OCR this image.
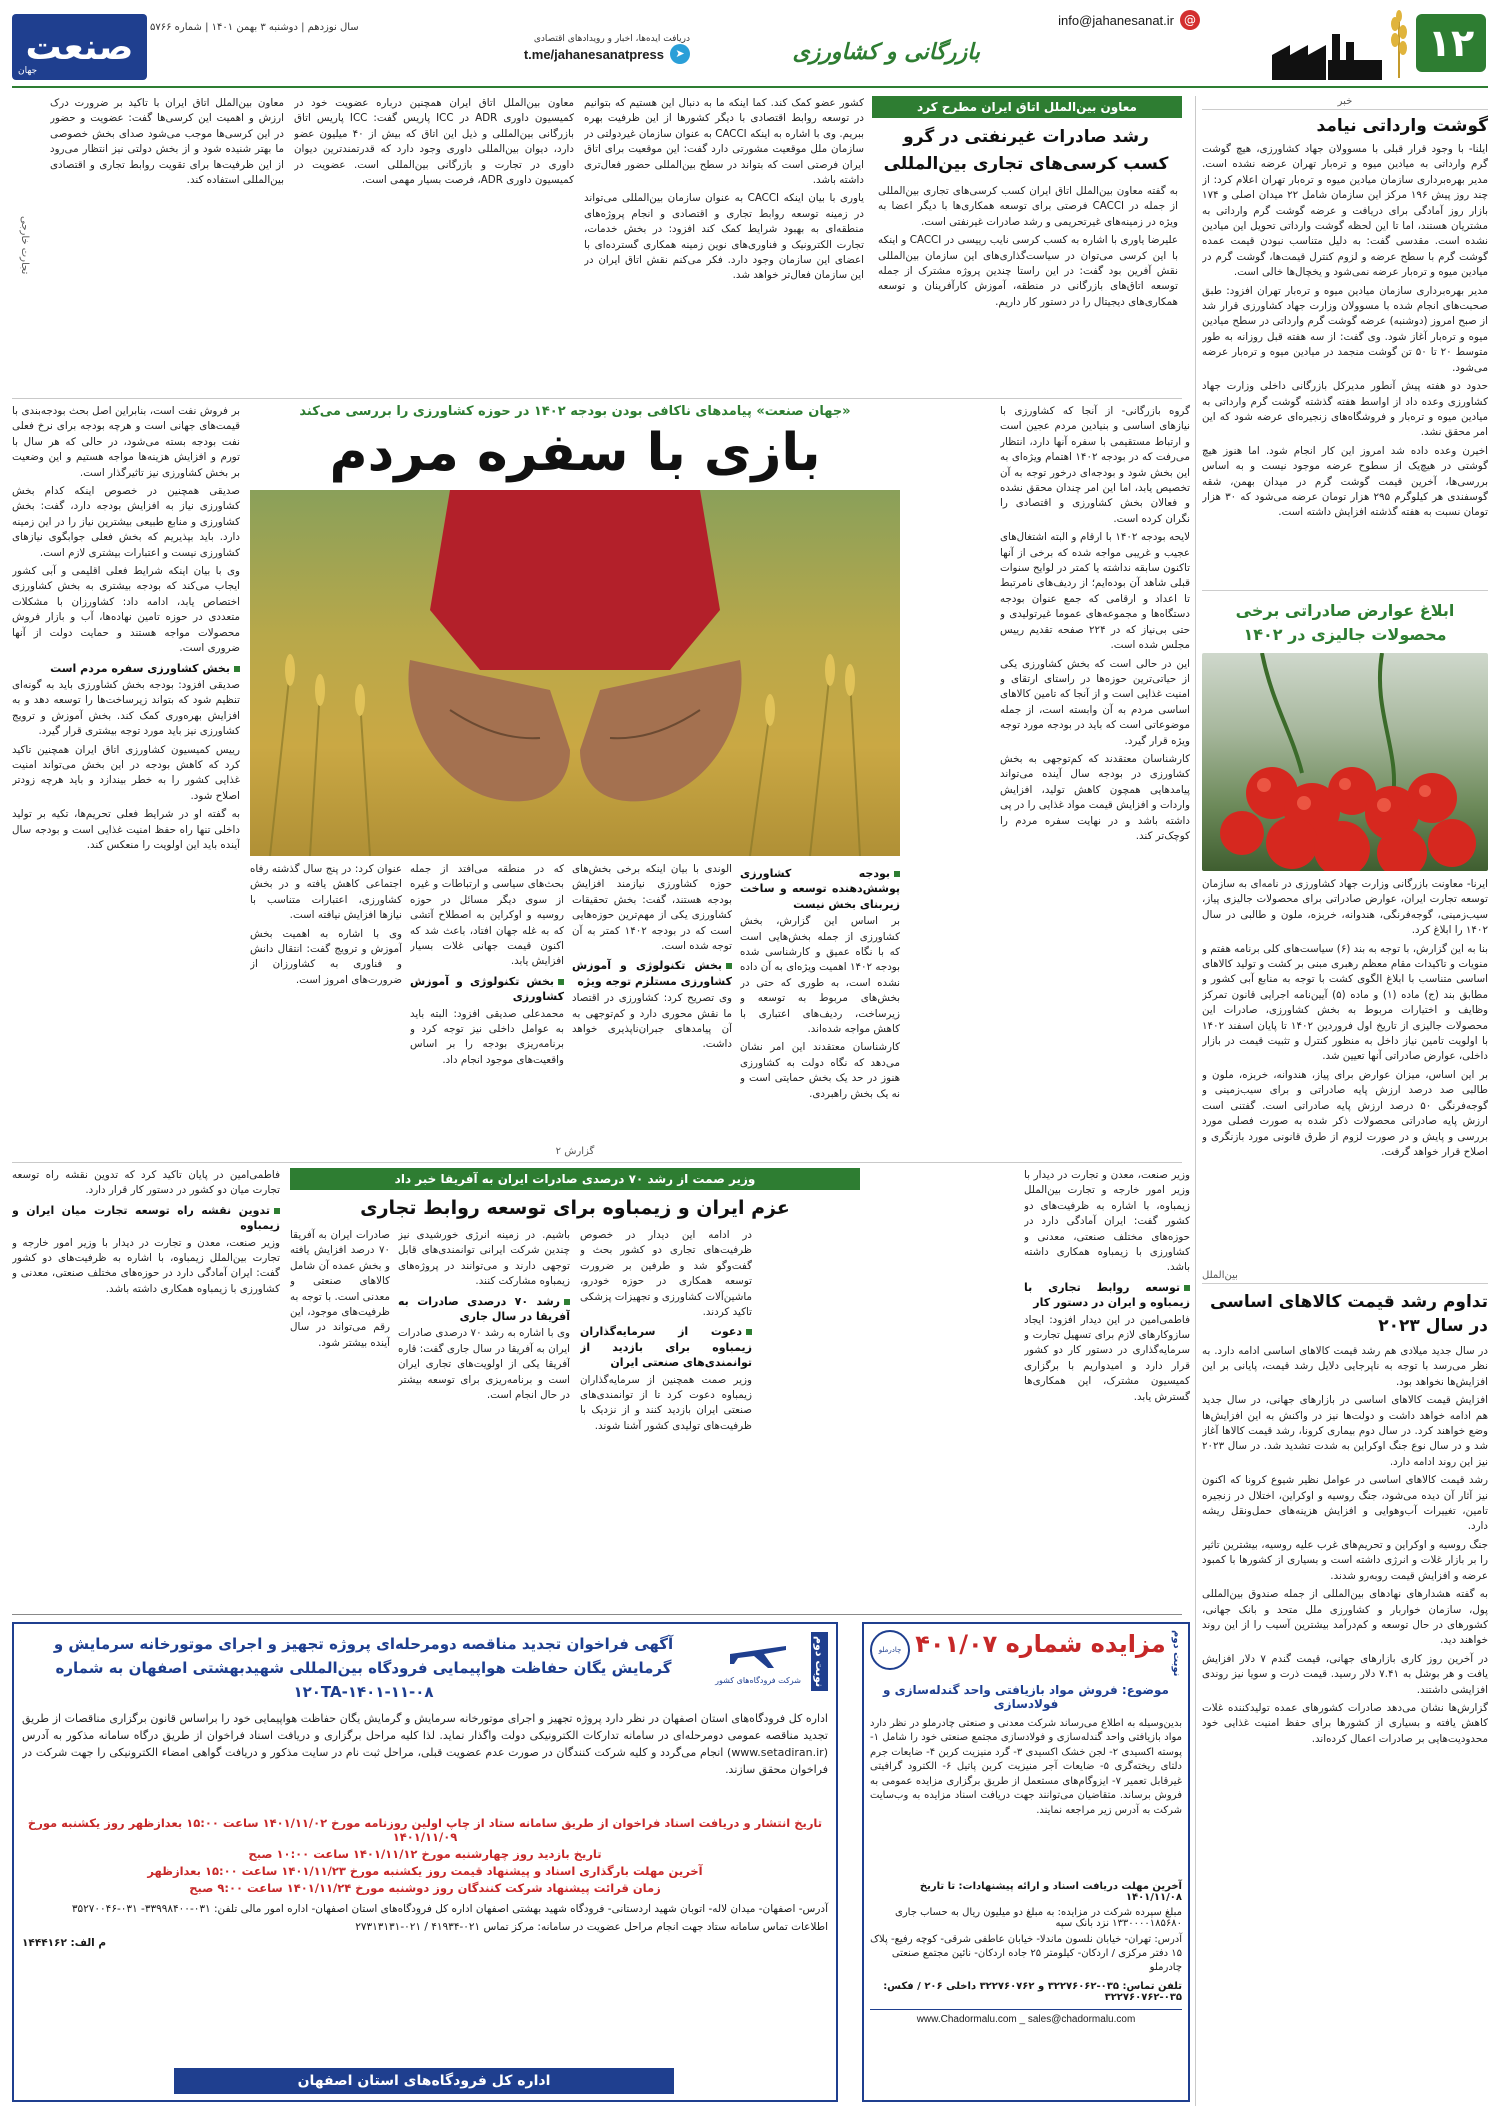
۱۲
بازرگانی و کشاورزی
@
info@jahanesanat.ir
دریافت ایده‌ها، اخبار و رویدادهای اقتصادی
➤
t.me/jahanesanatpress
سال نوزدهم | دوشنبه ۳ بهمن ۱۴۰۱ | شماره ۵۷۶۶
صنعت
جهان
خبر
گوشت وارداتی نیامد

ایلنا- با وجود قرار قبلی با مسوولان جهاد کشاورزی، هیچ گوشت گرم وارداتی به میادین میوه و تره‌بار تهران عرضه نشده است. مدیر بهره‌برداری سازمان میادین میوه و تره‌بار تهران اعلام کرد: از چند روز پیش ۱۹۶ مرکز این سازمان شامل ۲۲ میدان اصلی و ۱۷۴ بازار روز آمادگی برای دریافت و عرضه گوشت گرم وارداتی به مشتریان هستند، اما تا این لحظه گوشت وارداتی تحویل این میادین نشده است. مقدسی گفت: به دلیل متناسب نبودن قیمت عمده گوشت گرم با سطح عرضه و لزوم کنترل قیمت‌ها، گوشت گرم در میادین میوه و تره‌بار عرضه نمی‌شود و یخچال‌ها خالی است.

مدیر بهره‌برداری سازمان میادین میوه و تره‌بار تهران افزود: طبق صحبت‌های انجام شده با مسوولان وزارت جهاد کشاورزی قرار شد از صبح امروز (دوشنبه) عرضه گوشت گرم وارداتی در سطح میادین میوه و تره‌بار آغاز شود. وی گفت: از سه هفته قبل روزانه به طور متوسط ۲۰ تا ۵۰ تن گوشت منجمد در میادین میوه و تره‌بار عرضه می‌شود.

حدود دو هفته پیش آنطور مدیرکل بازرگانی داخلی وزارت جهاد کشاورزی وعده داد از اواسط هفته گذشته گوشت گرم وارداتی به میادین میوه و تره‌بار و فروشگاه‌های زنجیره‌ای عرضه شود که این امر محقق نشد.

اخیرن وعده داده شد امروز این کار انجام شود. اما هنوز هیچ گوشتی در هیچ‌یک از سطوح عرضه موجود نیست و به اساس بررسی‌ها، آخرین قیمت گوشت گرم در میدان بهمن، شقه گوسفندی هر کیلوگرم ۲۹۵ هزار تومان عرضه می‌شود که ۳۰ هزار تومان نسبت به هفته گذشته افزایش داشته است.

ابلاغ عوارض صادراتی برخی محصولات جالیزی در ۱۴۰۲

ایرنا- معاونت بازرگانی وزارت جهاد کشاورزی در نامه‌ای به سازمان توسعه تجارت ایران، عوارض صادراتی برای محصولات جالیزی پیاز، سیب‌زمینی، گوجه‌فرنگی، هندوانه، خربزه، ملون و طالبی در سال ۱۴۰۲ را ابلاغ کرد.

بنا به این گزارش، با توجه به بند (۶) سیاست‌های کلی برنامه هفتم و منویات و تاکیدات مقام معظم رهبری مبنی بر کشت و تولید کالاهای اساسی متناسب با ابلاغ الگوی کشت با توجه به منابع آبی کشور و مطابق بند (ج) ماده (۱) و ماده (۵) آیین‌نامه اجرایی قانون تمرکز وظایف و اختیارات مربوط به بخش کشاورزی، صادرات این محصولات جالیزی از تاریخ اول فروردین ۱۴۰۲ تا پایان اسفند ۱۴۰۲ با اولویت تامین نیاز داخل به منظور کنترل و تثبیت قیمت در بازار داخلی، عوارض صادراتی آنها تعیین شد.

بر این اساس، میزان عوارض برای پیاز، هندوانه، خربزه، ملون و طالبی صد درصد ارزش پایه صادراتی و برای سیب‌زمینی و گوجه‌فرنگی ۵۰ درصد ارزش پایه صادراتی است. گفتنی است ارزش پایه صادراتی محصولات ذکر شده به صورت فصلی مورد بررسی و پایش و در صورت لزوم از طرق قانونی مورد بازنگری و اصلاح قرار خواهد گرفت.

بین‌الملل
تداوم رشد قیمت کالاهای اساسی در سال ۲۰۲۳

در سال جدید میلادی هم رشد قیمت کالاهای اساسی ادامه دارد. به نظر می‌رسد با توجه به ناپرجایی دلایل رشد قیمت، پایانی بر این افزایش‌ها نخواهد بود.

افزایش قیمت کالاهای اساسی در بازارهای جهانی، در سال جدید هم ادامه خواهد داشت و دولت‌ها نیز در واکنش به این افزایش‌ها وضع خواهند کرد. در سال دوم بیماری کرونا، رشد قیمت کالاها آغاز شد و در سال نوع جنگ اوکراین به شدت تشدید شد. در سال ۲۰۲۳ نیز این روند ادامه دارد.

رشد قیمت کالاهای اساسی در عوامل نظیر شیوع کرونا که اکنون نیز آثار آن دیده می‌شود، جنگ روسیه و اوکراین، اختلال در زنجیره تامین، تغییرات آب‌وهوایی و افزایش هزینه‌های حمل‌ونقل ریشه دارد.

جنگ روسیه و اوکراین و تحریم‌های غرب علیه روسیه، بیشترین تاثیر را بر بازار غلات و انرژی داشته است و بسیاری از کشورها با کمبود عرضه و افزایش قیمت روبه‌رو شدند.

به گفته هشدارهای نهادهای بین‌المللی از جمله صندوق بین‌المللی پول، سازمان خواربار و کشاورزی ملل متحد و بانک جهانی، کشورهای در حال توسعه و کم‌درآمد بیشترین آسیب را از این روند خواهند دید.

در آخرین روز کاری بازارهای جهانی، قیمت گندم ۷ دلار افزایش یافت و هر بوشل به ۷.۴۱ دلار رسید. قیمت ذرت و سویا نیز روندی افزایشی داشتند.

گزارش‌ها نشان می‌دهد صادرات کشورهای عمده تولیدکننده غلات کاهش یافته و بسیاری از کشورها برای حفظ امنیت غذایی خود محدودیت‌هایی بر صادرات اعمال کرده‌اند.

معاون بین‌الملل اتاق ایران مطرح کرد
رشد صادرات غیرنفتی در گرو کسب کرسی‌های تجاری بین‌المللی

به گفته معاون بین‌الملل اتاق ایران کسب کرسی‌های تجاری بین‌المللی از جمله در CACCI فرصتی برای توسعه همکاری‌ها با دیگر اعضا به ویژه در زمینه‌های غیرتحریمی و رشد صادرات غیرنفتی است.

علیرضا یاوری با اشاره به کسب کرسی نایب رییسی در CACCI و اینکه با این کرسی می‌توان در سیاست‌گذاری‌های این سازمان بین‌المللی نقش آفرین بود گفت: در این راستا چندین پروژه مشترک از جمله توسعه اتاق‌های بازرگانی در منطقه، آموزش کارآفرینان و توسعه همکاری‌های دیجیتال را در دستور کار داریم.

کشور عضو کمک کند. کما اینکه ما به دنبال این هستیم که بتوانیم در توسعه روابط اقتصادی با دیگر کشورها از این ظرفیت بهره ببریم. وی با اشاره به اینکه CACCI به عنوان سازمان غیردولتی در سازمان ملل موقعیت مشورتی دارد گفت: این موقعیت برای اتاق ایران فرصتی است که بتواند در سطح بین‌المللی حضور فعال‌تری داشته باشد.

یاوری با بیان اینکه CACCI به عنوان سازمان بین‌المللی می‌تواند در زمینه توسعه روابط تجاری و اقتصادی و انجام پروژه‌های منطقه‌ای به بهبود شرایط کمک کند افزود: در بخش خدمات، تجارت الکترونیک و فناوری‌های نوین زمینه همکاری گسترده‌ای با اعضای این سازمان وجود دارد. فکر می‌کنم نقش اتاق ایران در این سازمان فعال‌تر خواهد شد.

معاون بین‌الملل اتاق ایران همچنین درباره عضویت خود در کمیسیون داوری ADR در ICC پاریس گفت: ICC پاریس اتاق بازرگانی بین‌المللی و ذیل این اتاق که بیش از ۴۰ میلیون عضو دارد، دیوان بین‌المللی داوری وجود دارد که قدرتمندترین دیوان داوری در تجارت و بازرگانی بین‌المللی است. عضویت در کمیسیون داوری ADR، فرصت بسیار مهمی است.

معاون بین‌الملل اتاق ایران با تاکید بر ضرورت درک ارزش و اهمیت این کرسی‌ها گفت: عضویت و حضور در این کرسی‌ها موجب می‌شود صدای بخش خصوصی ما بهتر شنیده شود و از بخش دولتی نیز انتظار می‌رود از این ظرفیت‌ها برای تقویت روابط تجاری و اقتصادی بین‌المللی استفاده کند.

تجارت خارجی

گروه بازرگانی- از آنجا که کشاورزی با نیازهای اساسی و بنیادین مردم عجین است و ارتباط مستقیمی با سفره آنها دارد، انتظار می‌رفت که در بودجه ۱۴۰۲ اهتمام ویژه‌ای به این بخش شود و بودجه‌ای درخور توجه به آن تخصیص یابد، اما این امر چندان محقق نشده و فعالان بخش کشاورزی و اقتصادی را نگران کرده است.

لایحه بودجه ۱۴۰۲ با ارقام و البته اشتغال‌های عجیب و غریبی مواجه شده که برخی از آنها تاکنون سابقه نداشته یا کمتر در لوایح سنوات قبلی شاهد آن بوده‌ایم؛ از ردیف‌های نامرتبط تا اعداد و ارقامی که جمع عنوان بودجه دستگاه‌ها و مجموعه‌های عموما غیرتولیدی و حتی بی‌نیاز که در ۲۲۴ صفحه تقدیم رییس مجلس شده است.

این در حالی است که بخش کشاورزی یکی از حیاتی‌ترین حوزه‌ها در راستای ارتقای و امنیت غذایی است و از آنجا که تامین کالاهای اساسی مردم به آن وابسته است، از جمله موضوعاتی است که باید در بودجه مورد توجه ویژه قرار گیرد.

کارشناسان معتقدند که کم‌توجهی به بخش کشاورزی در بودجه سال آینده می‌تواند پیامدهایی همچون کاهش تولید، افزایش واردات و افزایش قیمت مواد غذایی را در پی داشته باشد و در نهایت سفره مردم را کوچک‌تر کند.

«جهان صنعت» پیامدهای ناکافی بودن بودجه ۱۴۰۲ در حوزه کشاورزی را بررسی می‌کند
بازی با سفره مردم

بر فروش نفت است، بنابراین اصل بحث بودجه‌بندی با قیمت‌های جهانی است و هرچه بودجه برای نرخ فعلی نفت بودجه بسته می‌شود، در حالی که هر سال با تورم و افزایش هزینه‌ها مواجه هستیم و این وضعیت بر بخش کشاورزی نیز تاثیرگذار است.

صدیقی همچنین در خصوص اینکه کدام بخش کشاورزی نیاز به افزایش بودجه دارد، گفت: بخش کشاورزی و منابع طبیعی بیشترین نیاز را در این زمینه دارد. باید بپذیریم که بخش فعلی جوابگوی نیازهای کشاورزی نیست و اعتبارات بیشتری لازم است.

وی با بیان اینکه شرایط فعلی اقلیمی و آبی کشور ایجاب می‌کند که بودجه بیشتری به بخش کشاورزی اختصاص یابد، ادامه داد: کشاورزان با مشکلات متعددی در حوزه تامین نهاده‌ها، آب و بازار فروش محصولات مواجه هستند و حمایت دولت از آنها ضروری است.

بخش کشاورزی سفره مردم است

صدیقی افزود: بودجه بخش کشاورزی باید به گونه‌ای تنظیم شود که بتواند زیرساخت‌ها را توسعه دهد و به افزایش بهره‌وری کمک کند. بخش آموزش و ترویج کشاورزی نیز باید مورد توجه بیشتری قرار گیرد.

رییس کمیسیون کشاورزی اتاق ایران همچنین تاکید کرد که کاهش بودجه در این بخش می‌تواند امنیت غذایی کشور را به خطر بیندازد و باید هرچه زودتر اصلاح شود.

به گفته او در شرایط فعلی تحریم‌ها، تکیه بر تولید داخلی تنها راه حفظ امنیت غذایی است و بودجه سال آینده باید این اولویت را منعکس کند.

بودجه کشاورزی پوشش‌دهنده توسعه و ساخت زیربنای بخش نیست

بر اساس این گزارش، بخش کشاورزی از جمله بخش‌هایی است که با نگاه عمیق و کارشناسی شده بودجه ۱۴۰۲ اهمیت ویژه‌ای به آن داده نشده است، به طوری که حتی در بخش‌های مربوط به توسعه و زیرساخت، ردیف‌های اعتباری با کاهش مواجه شده‌اند.

کارشناسان معتقدند این امر نشان می‌دهد که نگاه دولت به کشاورزی هنوز در حد یک بخش حمایتی است و نه یک بخش راهبردی.

الوندی با بیان اینکه برخی بخش‌های حوزه کشاورزی نیازمند افزایش بودجه هستند، گفت: بخش تحقیقات کشاورزی یکی از مهم‌ترین حوزه‌هایی است که در بودجه ۱۴۰۲ کمتر به آن توجه شده است.

بخش تکنولوژی و آموزش کشاورزی مستلزم توجه ویژه

وی تصریح کرد: کشاورزی در اقتصاد ما نقش محوری دارد و کم‌توجهی به آن پیامدهای جبران‌ناپذیری خواهد داشت.

که در منطقه می‌افتد از جمله بحث‌های سیاسی و ارتباطات و غیره از سوی دیگر مسائل در حوزه روسیه و اوکراین به اصطلاح آتشی که به غله جهان افتاد، باعث شد که اکنون قیمت جهانی غلات بسیار افزایش یابد.

بخش تکنولوژی و آموزش کشاورزی

محمدعلی صدیقی افزود: البته باید به عوامل داخلی نیز توجه کرد و برنامه‌ریزی بودجه را بر اساس واقعیت‌های موجود انجام داد.

عنوان کرد: در پنج سال گذشته رفاه اجتماعی کاهش یافته و در بخش کشاورزی، اعتبارات متناسب با نیازها افزایش نیافته است.

وی با اشاره به اهمیت بخش آموزش و ترویج گفت: انتقال دانش و فناوری به کشاورزان از ضرورت‌های امروز است.

گزارش ۲
وزیر صمت از رشد ۷۰ درصدی صادرات ایران به آفریقا خبر داد
عزم ایران و زیمباوه برای توسعه روابط تجاری

وزیر صنعت، معدن و تجارت در دیدار با وزیر امور خارجه و تجارت بین‌الملل زیمباوه، با اشاره به ظرفیت‌های دو کشور گفت: ایران آمادگی دارد در حوزه‌های مختلف صنعتی، معدنی و کشاورزی با زیمباوه همکاری داشته باشد.

توسعه روابط تجاری با زیمباوه و ایران در دستور کار

فاطمی‌امین در این دیدار افزود: ایجاد سازوکارهای لازم برای تسهیل تجارت و سرمایه‌گذاری در دستور کار دو کشور قرار دارد و امیدواریم با برگزاری کمیسیون مشترک، این همکاری‌ها گسترش یابد.

در ادامه این دیدار در خصوص ظرفیت‌های تجاری دو کشور بحث و گفت‌وگو شد و طرفین بر ضرورت توسعه همکاری در حوزه خودرو، ماشین‌آلات کشاورزی و تجهیزات پزشکی تاکید کردند.

دعوت از سرمایه‌گذاران زیمباوه برای بازدید از توانمندی‌های صنعتی ایران

وزیر صمت همچنین از سرمایه‌گذاران زیمباوه دعوت کرد تا از توانمندی‌های صنعتی ایران بازدید کنند و از نزدیک با ظرفیت‌های تولیدی کشور آشنا شوند.

باشیم. در زمینه انرژی خورشیدی نیز چندین شرکت ایرانی توانمندی‌های قابل توجهی دارند و می‌توانند در پروژه‌های زیمباوه مشارکت کنند.

رشد ۷۰ درصدی صادرات به آفریقا در سال جاری

وی با اشاره به رشد ۷۰ درصدی صادرات ایران به آفریقا در سال جاری گفت: قاره آفریقا یکی از اولویت‌های تجاری ایران است و برنامه‌ریزی برای توسعه بیشتر در حال انجام است.

صادرات ایران به آفریقا ۷۰ درصد افزایش یافته و بخش عمده آن شامل کالاهای صنعتی و معدنی است. با توجه به ظرفیت‌های موجود، این رقم می‌تواند در سال آینده بیشتر شود.

فاطمی‌امین در پایان تاکید کرد که تدوین نقشه راه توسعه تجارت میان دو کشور در دستور کار قرار دارد.

تدوین نقشه راه توسعه تجارت میان ایران و زیمباوه

وزیر صنعت، معدن و تجارت در دیدار با وزیر امور خارجه و تجارت بین‌الملل زیمباوه، با اشاره به ظرفیت‌های دو کشور گفت: ایران آمادگی دارد در حوزه‌های مختلف صنعتی، معدنی و کشاورزی با زیمباوه همکاری داشته باشد.

نوبت دوم
مزایده شماره ۴۰۱/۰۷
چادرملو
موضوع: فروش مواد بازیافتی واحد گندله‌سازی و فولادسازی
بدین‌وسیله به اطلاع می‌رساند شرکت معدنی و صنعتی چادرملو در نظر دارد مواد بازیافتی واحد گندله‌سازی و فولادسازی مجتمع صنعتی خود را شامل ۱- پوسته اکسیدی ۲- لجن خشک اکسیدی ۳- گرد منیزیت کربن ۴- ضایعات جرم دلتای ریخته‌گری ۵- ضایعات آجر منیزیت کربن پاتیل ۶- الکترود گرافیتی غیرقابل تعمیر ۷- ایزوگام‌های مستعمل از طریق برگزاری مزایده عمومی به فروش برساند. متقاضیان می‌توانند جهت دریافت اسناد مزایده به وب‌سایت شرکت به آدرس زیر مراجعه نمایند.
آخرین مهلت دریافت اسناد و ارائه پیشنهادات: تا تاریخ ۱۴۰۱/۱۱/۰۸
مبلغ سپرده شرکت در مزایده: به مبلغ دو میلیون ریال به حساب جاری ۱۳۳۰۰۰۰۱۸۵۶۸۰ نزد بانک سپه
آدرس: تهران- خیابان نلسون ماندلا- خیابان عاطفی شرقی- کوچه رفیع- پلاک ۱۵ دفتر مرکزی / اردکان- کیلومتر ۲۵ جاده اردکان- نائین مجتمع صنعتی چادرملو
تلفن تماس: ۰۳۵-۳۲۲۷۶۰۶۲ و ۳۲۲۷۶۰۷۶۲ داخلی ۲۰۶ / فکس: ۰۳۵-۳۲۲۷۶۰۷۶۲
www.Chadormalu.com _ sales@chadormalu.com
نوبت دوم
شرکت فرودگاه‌های کشور
آگهی فراخوان تجدید مناقصه دومرحله‌ای پروژه تجهیز و اجرای موتورخانه سرمایش و گرمایش یگان حفاظت هواپیمایی فرودگاه بین‌المللی شهیدبهشتی اصفهان به شماره ۰۸-۱۱-۱۴۰۱-۱۲۰TA
اداره کل فرودگاه‌های استان اصفهان در نظر دارد پروژه تجهیز و اجرای موتورخانه سرمایش و گرمایش یگان حفاظت هواپیمایی خود را براساس قانون برگزاری مناقصات از طریق تجدید مناقصه عمومی دومرحله‌ای در سامانه تدارکات الکترونیکی دولت واگذار نماید. لذا کلیه مراحل برگزاری و دریافت اسناد فراخوان از طریق درگاه سامانه مذکور به آدرس (www.setadiran.ir) انجام می‌گردد و کلیه شرکت کنندگان در صورت عدم عضویت قبلی، مراحل ثبت نام در سایت مذکور و دریافت گواهی امضاء الکترونیکی را جهت شرکت در فراخوان محقق سازند.
تاریخ انتشار و دریافت اسناد فراخوان از طریق سامانه ستاد از چاپ اولین روزنامه مورخ ۱۴۰۱/۱۱/۰۲ ساعت ۱۵:۰۰ بعدازظهر روز یکشنبه مورخ ۱۴۰۱/۱۱/۰۹
تاریخ بازدید روز چهارشنبه مورخ ۱۴۰۱/۱۱/۱۲ ساعت ۱۰:۰۰ صبح
آخرین مهلت بارگذاری اسناد و پیشنهاد قیمت روز یکشنبه مورخ ۱۴۰۱/۱۱/۲۳ ساعت ۱۵:۰۰ بعدازظهر
زمان قرائت پیشنهاد شرکت کنندگان روز دوشنبه مورخ ۱۴۰۱/۱۱/۲۴ ساعت ۹:۰۰ صبح
آدرس- اصفهان- میدان لاله- اتوبان شهید اردستانی- فرودگاه شهید بهشتی اصفهان اداره کل فرودگاه‌های استان اصفهان- اداره امور مالی تلفن: ۰۳۱-۳۳۹۹۸۴۰۰- ۰۳۱-۳۵۲۷۰۰۴۶
اطلاعات تماس سامانه ستاد جهت انجام مراحل عضویت در سامانه: مرکز تماس ۰۲۱-۴۱۹۳۴ / ۰۲۱-۲۷۳۱۳۱۳۱
م الف: ۱۴۴۴۱۶۲
اداره کل فرودگاه‌های استان اصفهان
